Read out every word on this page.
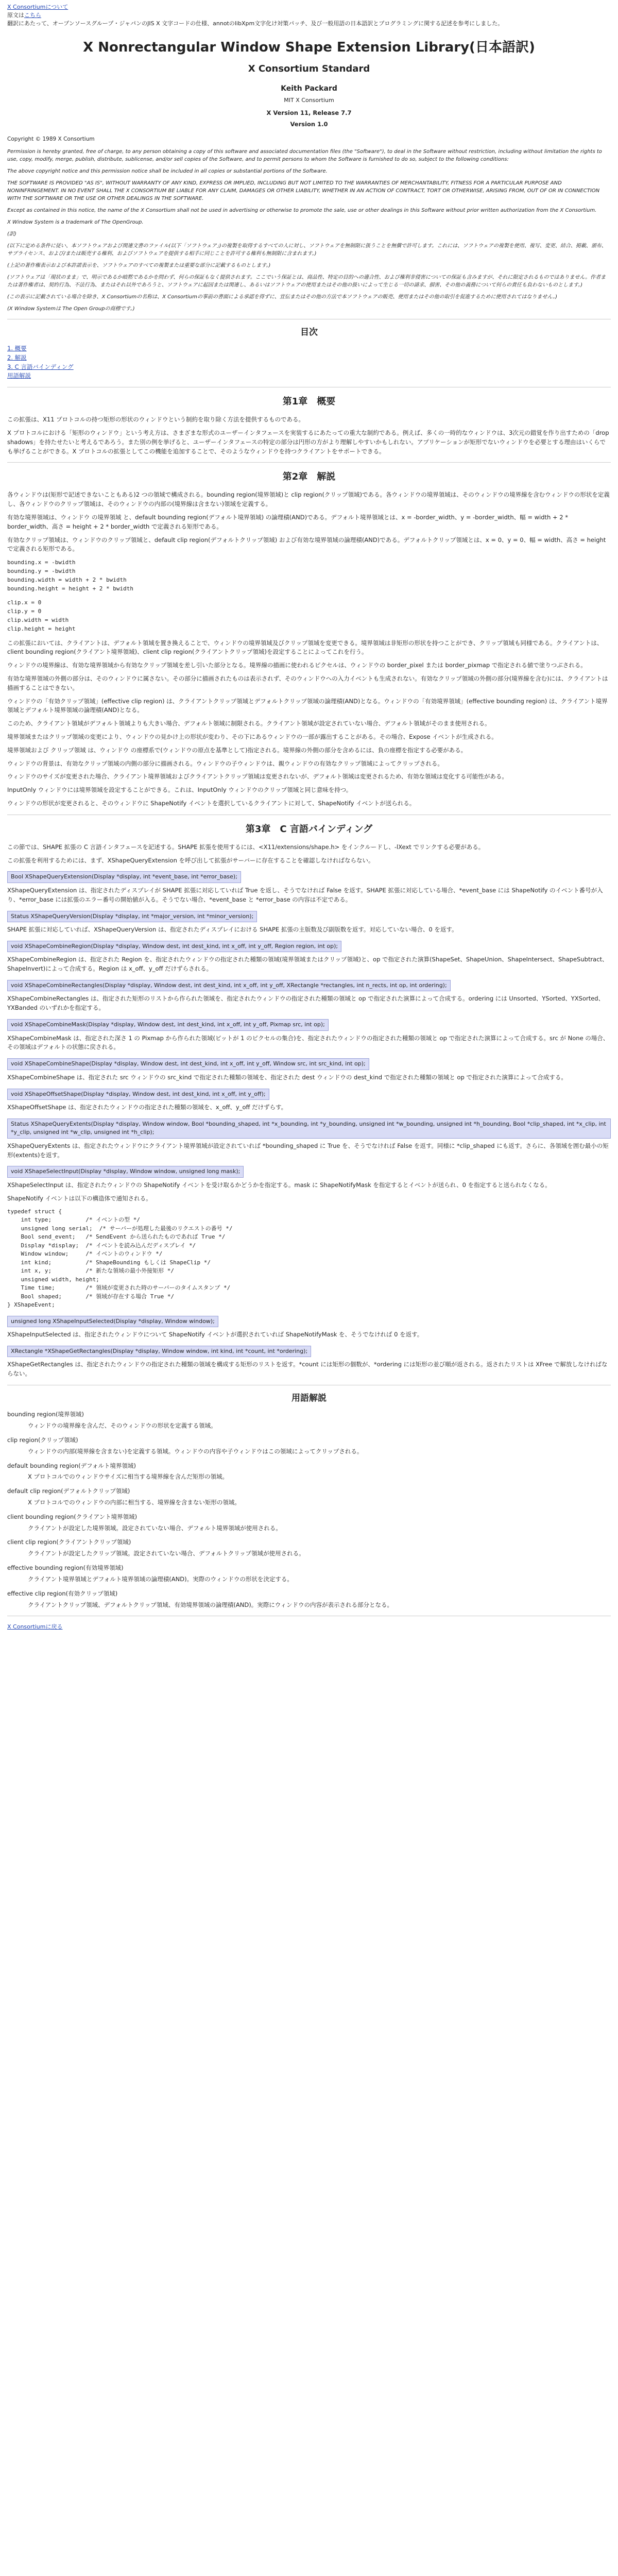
X Consortiumについて
原文はこちら
翻訳にあたって、オープンソースグループ・ジャパンのJIS X 文字コードの仕様、annotのlibXpm文字化け対策パッチ、及び一般用語の日本語訳とプログラミングに関する記述を参考にしました。
X Nonrectangular Window Shape Extension Library(日本語訳)
X Consortium Standard
Keith Packard
MIT X Consortium
X Version 11, Release 7.7
Version 1.0

Copyright © 1989 X Consortium

Permission is hereby granted, free of charge, to any person obtaining a copy of this software and associated documentation files (the "Software"), to deal in the Software without restriction, including without limitation the rights to use, copy, modify, merge, publish, distribute, sublicense, and/or sell copies of the Software, and to permit persons to whom the Software is furnished to do so, subject to the following conditions:

The above copyright notice and this permission notice shall be included in all copies or substantial portions of the Software.

THE SOFTWARE IS PROVIDED "AS IS", WITHOUT WARRANTY OF ANY KIND, EXPRESS OR IMPLIED, INCLUDING BUT NOT LIMITED TO THE WARRANTIES OF MERCHANTABILITY, FITNESS FOR A PARTICULAR PURPOSE AND NONINFRINGEMENT. IN NO EVENT SHALL THE X CONSORTIUM BE LIABLE FOR ANY CLAIM, DAMAGES OR OTHER LIABILITY, WHETHER IN AN ACTION OF CONTRACT, TORT OR OTHERWISE, ARISING FROM, OUT OF OR IN CONNECTION WITH THE SOFTWARE OR THE USE OR OTHER DEALINGS IN THE SOFTWARE.

Except as contained in this notice, the name of the X Consortium shall not be used in advertising or otherwise to promote the sale, use or other dealings in this Software without prior written authorization from the X Consortium.

X Window System is a trademark of The OpenGroup.

(訳)

(以下に定める条件に従い、本ソフトウェアおよび関連文書のファイル(以下「ソフトウェア」)の複製を取得するすべての人に対し、ソフトウェアを無制限に扱うことを無償で許可します。これには、ソフトウェアの複製を使用、複写、変更、結合、掲載、頒布、サブライセンス、および/または販売する権利、およびソフトウェアを提供する相手に同じことを許可する権利も無制限に含まれます。)

(上記の著作権表示および本許諾表示を、ソフトウェアのすべての複製または重要な部分に記載するものとします。)

(ソフトウェアは「現状のまま」で、明示であるか暗黙であるかを問わず、何らの保証もなく提供されます。ここでいう保証とは、商品性、特定の目的への適合性、および権利非侵害についての保証も含みますが、それに限定されるものではありません。作者または著作権者は、契約行為、不法行為、またはそれ以外であろうと、ソフトウェアに起因または関連し、あるいはソフトウェアの使用またはその他の扱いによって生じる一切の請求、損害、その他の義務について何らの責任も負わないものとします。)

(この表示に記載されている場合を除き、X Consortiumの名称は、X Consortiumの事前の書面による承認を得ずに、宣伝またはその他の方法で本ソフトウェアの販売、使用またはその他の取引を促進するために使用されてはなりません。)

(X Window Systemは The Open Groupの商標です。)

目次
1. 概要
2. 解説
3. C 言語バインディング
用語解説
第1章　概要

この拡張は、X11 プロトコルの持つ矩形の形状のウィンドウという制約を取り除く方法を提供するものである。

X プロトコルにおける「矩形のウィンドウ」という考え方は、さまざまな形式のユーザーインタフェースを実装するにあたっての重大な制約である。例えば、多くの一時的なウィンドウは、3次元の錯覚を作り出すための「drop shadows」を持たせたいと考えるであろう。また別の例を挙げると、ユーザーインタフェースの特定の部分は円形の方がより理解しやすいかもしれない。アプリケーションが矩形でないウィンドウを必要とする理由はいくらでも挙げることができる。X プロトコルの拡張としてこの機能を追加することで、そのようなウィンドウを持つクライアントをサポートできる。

第2章　解説

各ウィンドウは(矩形で記述できないこともある)2 つの領域で構成される。bounding region(境界領域)と clip region(クリップ領域)である。各ウィンドウの境界領域は、そのウィンドウの境界線を含むウィンドウの形状を定義し、各ウィンドウのクリップ領域は、そのウィンドウの内部の(境界線は含まない)領域を定義する。

有効な境界領域は、ウィンドウ の境界領域 と、default bounding region(デフォルト境界領域) の論理積(AND)である。デフォルト境界領域とは、x = -border_width、y = -border_width、幅 = width + 2 * border_width、高さ = height + 2 * border_width で定義される矩形である。

有効なクリップ領域は、ウィンドウのクリップ領域と、default clip region(デフォルトクリップ領域) および有効な境界領域の論理積(AND)である。デフォルトクリップ領域とは、x = 0、y = 0、幅 = width、高さ = height で定義される矩形である。

bounding.x = -bwidth
bounding.y = -bwidth
bounding.width = width + 2 * bwidth
bounding.height = height + 2 * bwidth
clip.x = 0
clip.y = 0
clip.width = width
clip.height = height

この拡張においては、クライアントは、デフォルト領域を置き換えることで、ウィンドウの境界領域及びクリップ領域を変更できる。境界領域は非矩形の形状を持つことができ、クリップ領域も同様である。クライアントは、client bounding region(クライアント境界領域)、client clip region(クライアントクリップ領域)を設定することによってこれを行う。

ウィンドウの境界線は、有効な境界領域から有効なクリップ領域を差し引いた部分となる。境界線の描画に使われるピクセルは、ウィンドウの border_pixel または border_pixmap で指定される値で塗りつぶされる。

有効な境界領域の外側の部分は、そのウィンドウに属さない。その部分に描画されたものは表示されず、そのウィンドウへの入力イベントも生成されない。有効なクリップ領域の外側の部分(境界線を含む)には、クライアントは描画することはできない。

ウィンドウの「有効クリップ領域」(effective clip region) は、クライアントクリップ領域とデフォルトクリップ領域の論理積(AND)となる。ウィンドウの「有効境界領域」(effective bounding region) は、クライアント境界領域とデフォルト境界領域の論理積(AND)となる。

このため、クライアント領域がデフォルト領域よりも大きい場合、デフォルト領域に制限される。クライアント領域が設定されていない場合、デフォルト領域がそのまま使用される。

境界領域またはクリップ領域の変更により、ウィンドウの見かけ上の形状が変わり、その下にあるウィンドウの一部が露出することがある。その場合、Expose イベントが生成される。

境界領域および クリップ領域 は、ウィンドウ の座標系で(ウィンドウの原点を基準として)指定される。境界線の外側の部分を含めるには、負の座標を指定する必要がある。

ウィンドウの背景は、有効なクリップ領域の内側の部分に描画される。ウィンドウの子ウィンドウは、親ウィンドウの有効なクリップ領域によってクリップされる。

ウィンドウのサイズが変更された場合、クライアント境界領域およびクライアントクリップ領域は変更されないが、デフォルト領域は変更されるため、有効な領域は変化する可能性がある。

InputOnly ウィンドウには境界領域を設定することができる。これは、InputOnly ウィンドウのクリップ領域と同じ意味を持つ。

ウィンドウの形状が変更されると、そのウィンドウに ShapeNotify イベントを選択しているクライアントに対して、ShapeNotify イベントが送られる。

第3章　C 言語バインディング

この節では、SHAPE 拡張の C 言語インタフェースを記述する。SHAPE 拡張を使用するには、<X11/extensions/shape.h> をインクルードし、-lXext でリンクする必要がある。

この拡張を利用するためには、まず、XShapeQueryExtension を呼び出して拡張がサーバーに存在することを確認しなければならない。

Bool XShapeQueryExtension(Display *display, int *event_base, int *error_base);

XShapeQueryExtension は、指定されたディスプレイが SHAPE 拡張に対応していれば True を返し、そうでなければ False を返す。SHAPE 拡張に対応している場合、*event_base には ShapeNotify のイベント番号が入り、*error_base には拡張のエラー番号の開始値が入る。そうでない場合、*event_base と *error_base の内容は不定である。

Status XShapeQueryVersion(Display *display, int *major_version, int *minor_version);

SHAPE 拡張に対応していれば、XShapeQueryVersion は、指定されたディスプレイにおける SHAPE 拡張の主版数及び副版数を返す。対応していない場合、0 を返す。

void XShapeCombineRegion(Display *display, Window dest, int dest_kind, int x_off, int y_off, Region region, int op);

XShapeCombineRegion は、指定された Region を、指定されたウィンドウの指定された種類の領域(境界領域またはクリップ領域)と、op で指定された演算(ShapeSet、ShapeUnion、ShapeIntersect、ShapeSubtract、ShapeInvert)によって合成する。Region は x_off、y_off だけずらされる。

void XShapeCombineRectangles(Display *display, Window dest, int dest_kind, int x_off, int y_off, XRectangle *rectangles, int n_rects, int op, int ordering);

XShapeCombineRectangles は、指定された矩形のリストから作られた領域を、指定されたウィンドウの指定された種類の領域と op で指定された演算によって合成する。ordering には Unsorted、YSorted、YXSorted、YXBanded のいずれかを指定する。

void XShapeCombineMask(Display *display, Window dest, int dest_kind, int x_off, int y_off, Pixmap src, int op);

XShapeCombineMask は、指定された深さ 1 の Pixmap から作られた領域(ビットが 1 のピクセルの集合)を、指定されたウィンドウの指定された種類の領域と op で指定された演算によって合成する。src が None の場合、その領域はデフォルトの状態に戻される。

void XShapeCombineShape(Display *display, Window dest, int dest_kind, int x_off, int y_off, Window src, int src_kind, int op);

XShapeCombineShape は、指定された src ウィンドウの src_kind で指定された種類の領域を、指定された dest ウィンドウの dest_kind で指定された種類の領域と op で指定された演算によって合成する。

void XShapeOffsetShape(Display *display, Window dest, int dest_kind, int x_off, int y_off);

XShapeOffsetShape は、指定されたウィンドウの指定された種類の領域を、x_off、y_off だけずらす。

Status XShapeQueryExtents(Display *display, Window window, Bool *bounding_shaped, int *x_bounding, int *y_bounding, unsigned int *w_bounding, unsigned int *h_bounding, Bool *clip_shaped, int *x_clip, int *y_clip, unsigned int *w_clip, unsigned int *h_clip);

XShapeQueryExtents は、指定されたウィンドウにクライアント境界領域が設定されていれば *bounding_shaped に True を、そうでなければ False を返す。同様に *clip_shaped にも返す。さらに、各領域を囲む最小の矩形(extents)を返す。

void XShapeSelectInput(Display *display, Window window, unsigned long mask);

XShapeSelectInput は、指定されたウィンドウの ShapeNotify イベントを受け取るかどうかを指定する。mask に ShapeNotifyMask を指定するとイベントが送られ、0 を指定すると送られなくなる。

ShapeNotify イベントは以下の構造体で通知される。

typedef struct {
int type;          /* イベントの型 */
unsigned long serial;  /* サーバーが処理した最後のリクエストの番号 */
Bool send_event;   /* SendEvent から送られたものであれば True */
Display *display;  /* イベントを読み込んだディスプレイ */
Window window;     /* イベントのウィンドウ */
int kind;          /* ShapeBounding もしくは ShapeClip */
int x, y;          /* 新たな領域の最小外接矩形 */
unsigned width, height;
Time time;         /* 領域が変更された時のサーバーのタイムスタンプ */
Bool shaped;       /* 領域が存在する場合 True */
} XShapeEvent;
unsigned long XShapeInputSelected(Display *display, Window window);

XShapeInputSelected は、指定されたウィンドウについて ShapeNotify イベントが選択されていれば ShapeNotifyMask を、そうでなければ 0 を返す。

XRectangle *XShapeGetRectangles(Display *display, Window window, int kind, int *count, int *ordering);

XShapeGetRectangles は、指定されたウィンドウの指定された種類の領域を構成する矩形のリストを返す。*count には矩形の個数が、*ordering には矩形の並び順が返される。返されたリストは XFree で解放しなければならない。

用語解説
bounding region(境界領域)
ウィンドウの境界線を含んだ、そのウィンドウの形状を定義する領域。
clip region(クリップ領域)
ウィンドウの内部(境界線を含まない)を定義する領域。ウィンドウの内容や子ウィンドウはこの領域によってクリップされる。
default bounding region(デフォルト境界領域)
X プロトコルでのウィンドウサイズに相当する境界線を含んだ矩形の領域。
default clip region(デフォルトクリップ領域)
X プロトコルでのウィンドウの内部に相当する、境界線を含まない矩形の領域。
client bounding region(クライアント境界領域)
クライアントが設定した境界領域。設定されていない場合、デフォルト境界領域が使用される。
client clip region(クライアントクリップ領域)
クライアントが設定したクリップ領域。設定されていない場合、デフォルトクリップ領域が使用される。
effective bounding region(有効境界領域)
クライアント境界領域とデフォルト境界領域の論理積(AND)。実際のウィンドウの形状を決定する。
effective clip region(有効クリップ領域)
クライアントクリップ領域、デフォルトクリップ領域、有効境界領域の論理積(AND)。実際にウィンドウの内容が表示される部分となる。
X Consortiumに戻る
